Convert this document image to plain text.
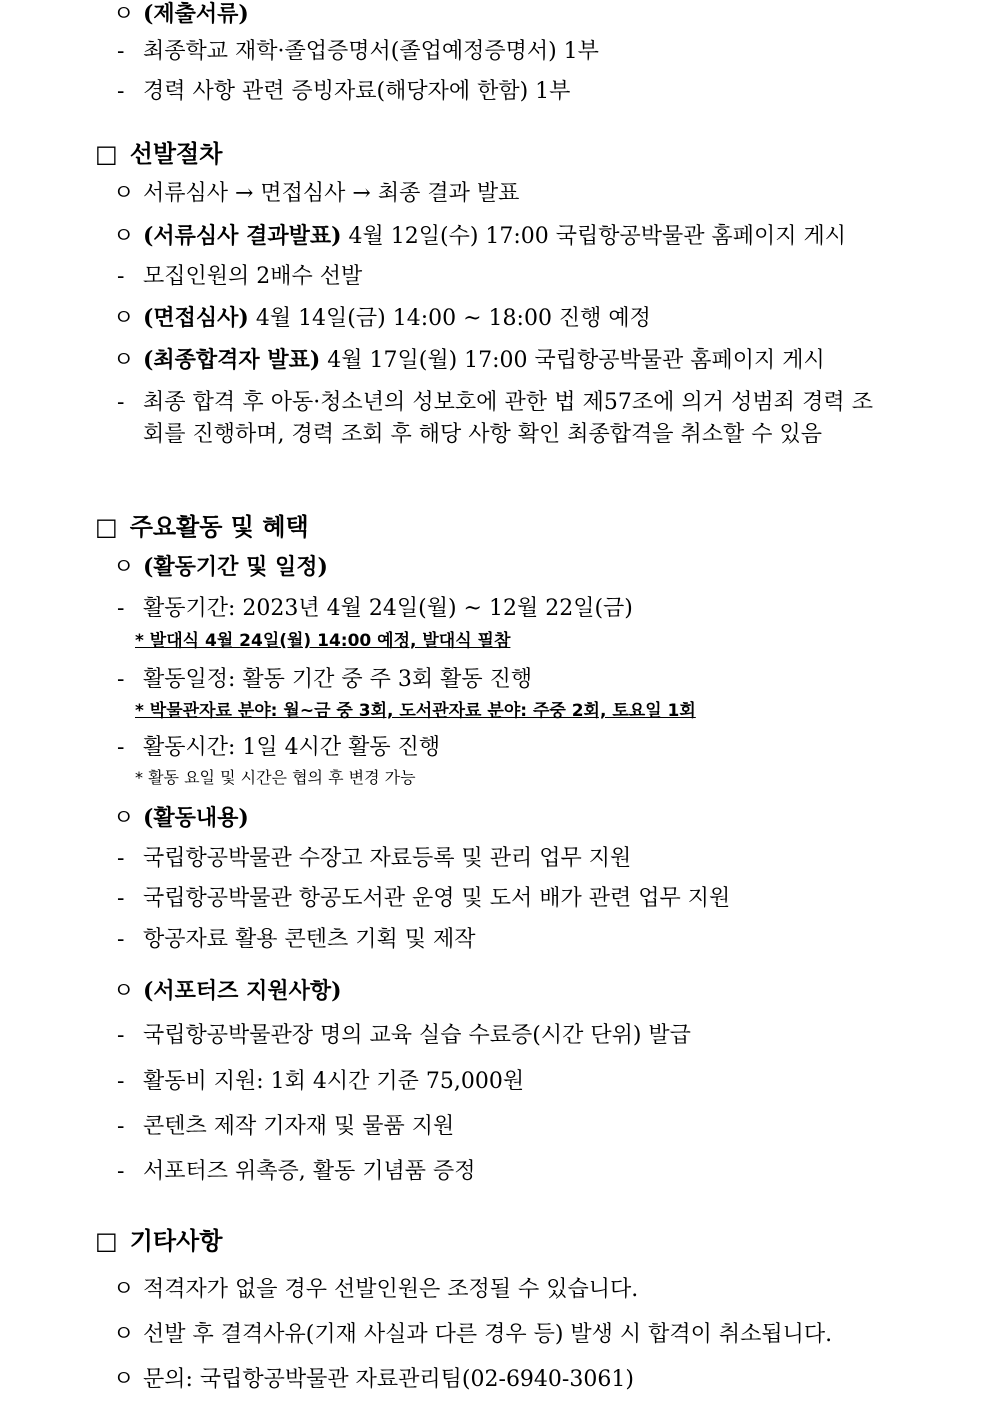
ㅇ (제출서류)
- 최종학교 재학·졸업증명서(졸업예정증명서) 1부
- 경력 사항 관련 증빙자료(해당자에 한함) 1부
□ 선발절차
ㅇ 서류심사 → 면접심사 → 최종 결과 발표
ㅇ (서류심사 결과발표) 4월 12일(수) 17:00 국립항공박물관 홈페이지 게시
- 모집인원의 2배수 선발
ㅇ (면접심사) 4월 14일(금) 14:00 ~ 18:00 진행 예정
ㅇ (최종합격자 발표) 4월 17일(월) 17:00 국립항공박물관 홈페이지 게시
- 최종 합격 후 아동·청소년의 성보호에 관한 법 제57조에 의거 성범죄 경력 조회를 진행하며, 경력 조회 후 해당 사항 확인 최종합격을 취소할 수 있음
□ 주요활동 및 혜택
ㅇ (활동기간 및 일정)
- 활동기간: 2023년 4월 24일(월) ~ 12월 22일(금)
* 발대식 4월 24일(월) 14:00 예정, 발대식 필참
- 활동일정: 활동 기간 중 주 3회 활동 진행
* 박물관자료 분야: 월~금 중 3회, 도서관자료 분야: 주중 2회, 토요일 1회
- 활동시간: 1일 4시간 활동 진행
* 활동 요일 및 시간은 협의 후 변경 가능
ㅇ (활동내용)
- 국립항공박물관 수장고 자료등록 및 관리 업무 지원
- 국립항공박물관 항공도서관 운영 및 도서 배가 관련 업무 지원
- 항공자료 활용 콘텐츠 기획 및 제작
ㅇ (서포터즈 지원사항)
- 국립항공박물관장 명의 교육 실습 수료증(시간 단위) 발급
- 활동비 지원: 1회 4시간 기준 75,000원
- 콘텐츠 제작 기자재 및 물품 지원
- 서포터즈 위촉증, 활동 기념품 증정
□ 기타사항
ㅇ 적격자가 없을 경우 선발인원은 조정될 수 있습니다.
ㅇ 선발 후 결격사유(기재 사실과 다른 경우 등) 발생 시 합격이 취소됩니다.
ㅇ 문의: 국립항공박물관 자료관리팀(02-6940-3061)
